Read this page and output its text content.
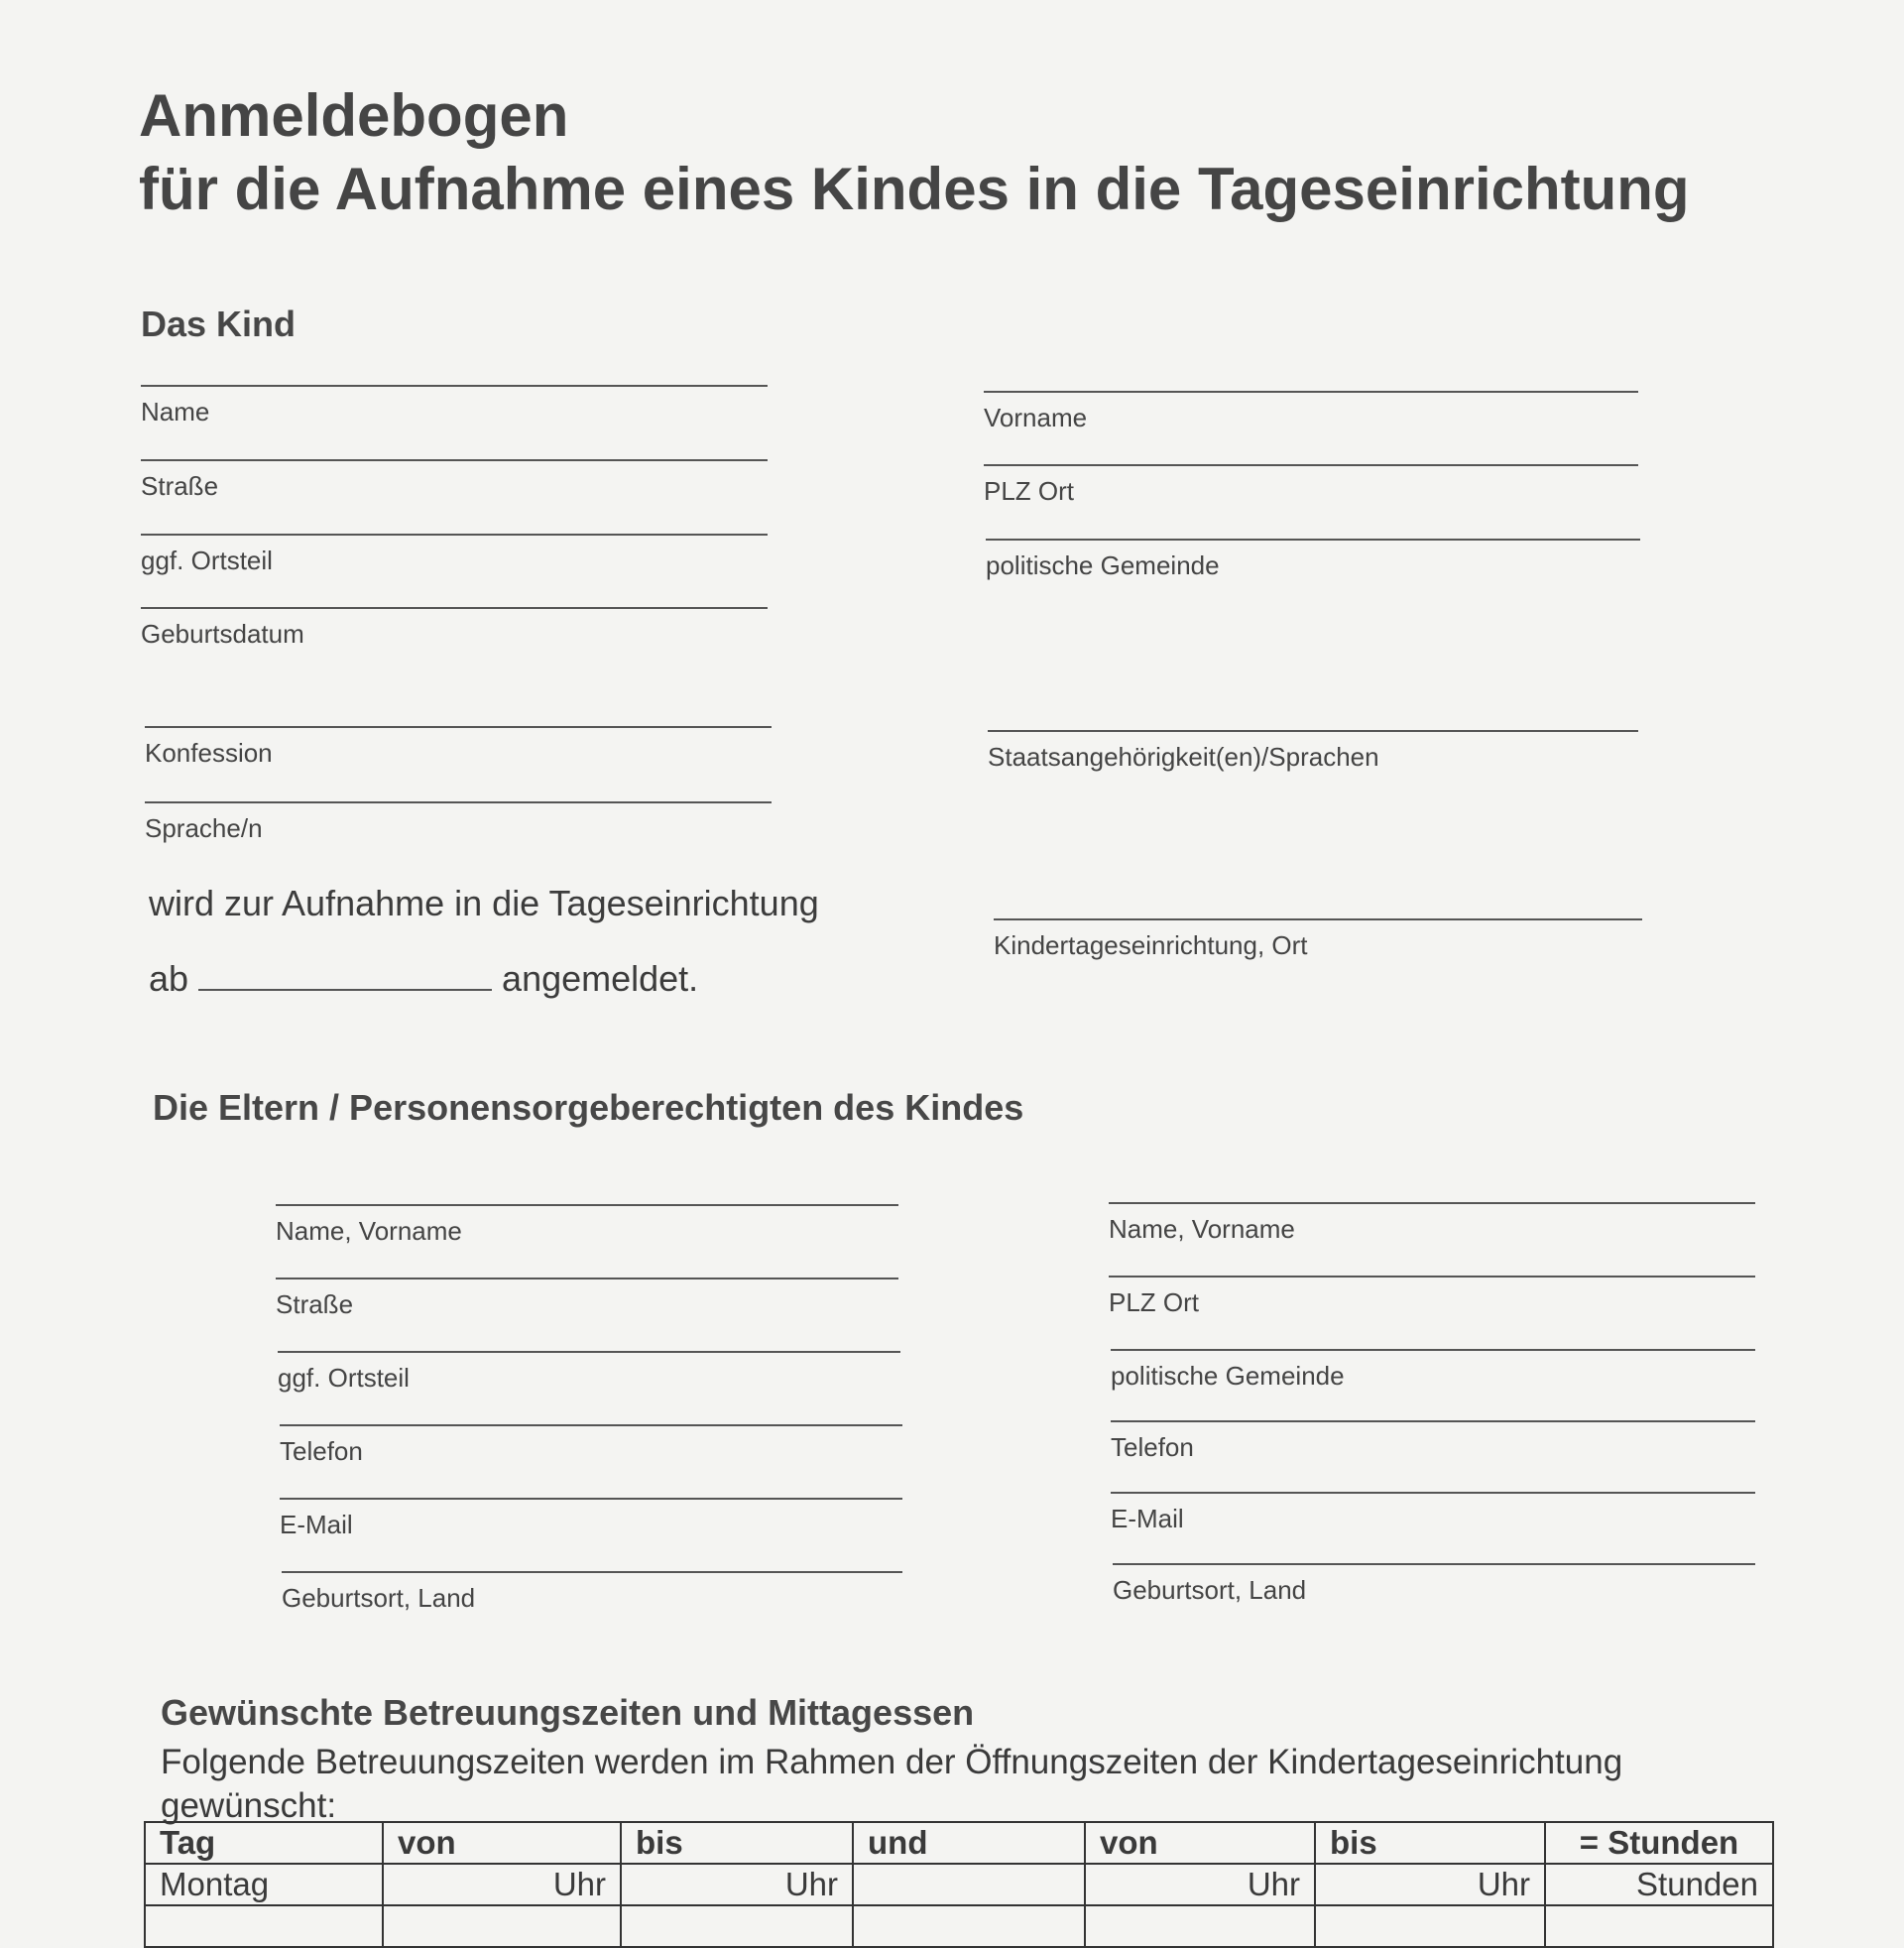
Anmeldebogen
für die Aufnahme eines Kindes in die Tageseinrichtung
Das Kind
Name
Straße
ggf. Ortsteil
Geburtsdatum
Konfession
Sprache/n
Vorname
PLZ Ort
politische Gemeinde
Staatsangehörigkeit(en)/Sprachen
wird zur Aufnahme in die Tageseinrichtung
ab	angemeldet.
Kindertageseinrichtung, Ort
Die Eltern / Personensorgeberechtigten des Kindes
Name, Vorname
Straße
ggf. Ortsteil
Telefon
E-Mail
Geburtsort, Land
Name, Vorname
PLZ Ort
politische Gemeinde
Telefon
E-Mail
Geburtsort, Land
Gewünschte Betreuungszeiten und Mittagessen
Folgende Betreuungszeiten werden im Rahmen der Öffnungszeiten der Kindertageseinrichtung gewünscht:
Tag	von	bis	und	von	bis	= Stunden
Montag	Uhr	Uhr		Uhr	Uhr	Stunden
